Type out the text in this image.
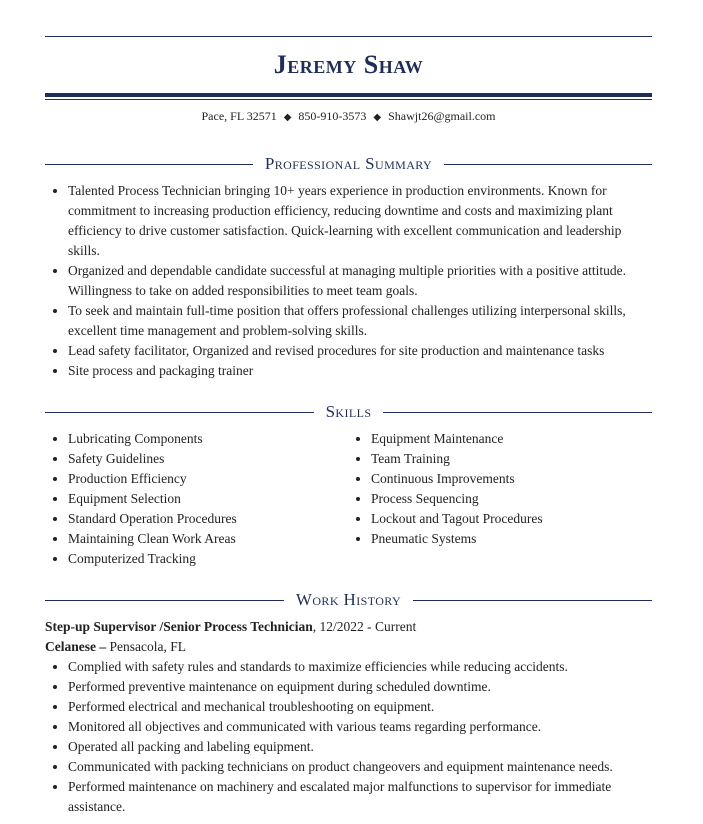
Jeremy Shaw
Pace, FL 32571 ◆ 850-910-3573 ◆ Shawjt26@gmail.com
Professional Summary
• Talented Process Technician bringing 10+ years experience in production environments. Known for commitment to increasing production efficiency, reducing downtime and costs and maximizing plant efficiency to drive customer satisfaction. Quick-learning with excellent communication and leadership skills.
• Organized and dependable candidate successful at managing multiple priorities with a positive attitude. Willingness to take on added responsibilities to meet team goals.
• To seek and maintain full-time position that offers professional challenges utilizing interpersonal skills, excellent time management and problem-solving skills.
• Lead safety facilitator, Organized and revised procedures for site production and maintenance tasks
• Site process and packaging trainer
Skills
• Lubricating Components
• Safety Guidelines
• Production Efficiency
• Equipment Selection
• Standard Operation Procedures
• Maintaining Clean Work Areas
• Computerized Tracking
• Equipment Maintenance
• Team Training
• Continuous Improvements
• Process Sequencing
• Lockout and Tagout Procedures
• Pneumatic Systems
Work History
Step-up Supervisor /Senior Process Technician, 12/2022 - Current
Celanese – Pensacola, FL
• Complied with safety rules and standards to maximize efficiencies while reducing accidents.
• Performed preventive maintenance on equipment during scheduled downtime.
• Performed electrical and mechanical troubleshooting on equipment.
• Monitored all objectives and communicated with various teams regarding performance.
• Operated all packing and labeling equipment.
• Communicated with packing technicians on product changeovers and equipment maintenance needs.
• Performed maintenance on machinery and escalated major malfunctions to supervisor for immediate assistance.
